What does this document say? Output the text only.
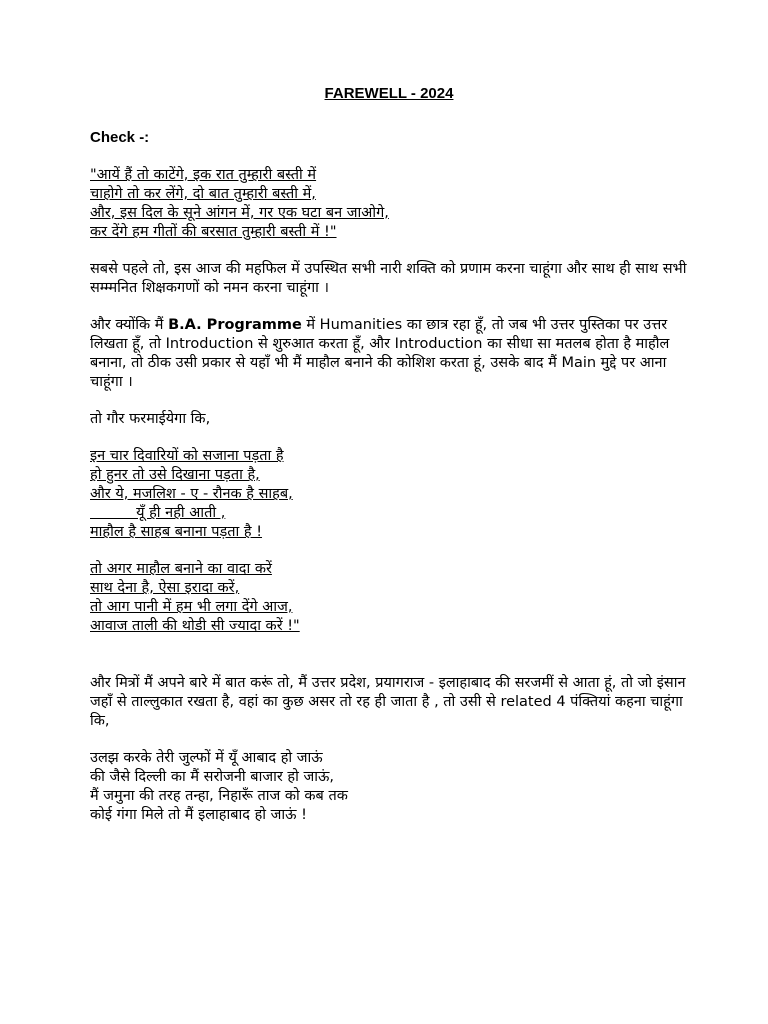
FAREWELL - 2024
Check -:
"आयें हैं तो काटेंगे, इक रात तुम्हारी बस्ती में
चाहोगे तो कर लेंगे, दो बात तुम्हारी बस्ती में,
और, इस दिल के सूने आंगन में, गर एक घटा बन जाओगे,
कर देंगे हम गीतों की बरसात तुम्हारी बस्ती में !"
सबसे पहले तो, इस आज की महफिल में उपस्थित सभी नारी शक्ति को प्रणाम करना चाहूंगा और साथ ही साथ सभी सम्म्मनित शिक्षकगणों को नमन करना चाहूंगा ।
और क्योंकि मैं B.A. Programme में Humanities का छात्र रहा हूँ, तो जब भी उत्तर पुस्तिका पर उत्तर लिखता हूँ, तो Introduction से शुरुआत करता हूँ, और Introduction का सीधा सा मतलब होता है माहौल बनाना, तो ठीक उसी प्रकार से यहाँ भी मैं माहौल बनाने की कोशिश करता हूं, उसके बाद मैं Main मुद्दे पर आना चाहूंगा ।
तो गौर फरमाईयेगा कि,
इन चार दिवारियों को सजाना पड़ता है
हो हुनर तो उसे दिखाना पड़ता है,
और ये, मजलिश - ए - रौनक है साहब,
यूँ ही नही आती ,
माहौल है साहब बनाना पड़ता है !
तो अगर माहौल बनाने का वादा करें
साथ देना है, ऐसा इरादा करें,
तो आग पानी में हम भी लगा देंगे आज,
आवाज ताली की थोडी सी ज्यादा करें !"
और मित्रों मैं अपने बारे में बात करूं तो, मैं उत्तर प्रदेश, प्रयागराज - इलाहाबाद की सरजमीं से आता हूं, तो जो इंसान जहाँ से ताल्लुकात रखता है, वहां का कुछ असर तो रह ही जाता है , तो उसी से related 4 पंक्तियां कहना चाहूंगा कि,
उलझ करके तेरी जुल्फों में यूँ आबाद हो जाऊं
की जैसे दिल्ली का मैं सरोजनी बाजार हो जाऊं,
मैं जमुना की तरह तन्हा, निहारूँ ताज को कब तक
कोई गंगा मिले तो मैं इलाहाबाद हो जाऊं !
